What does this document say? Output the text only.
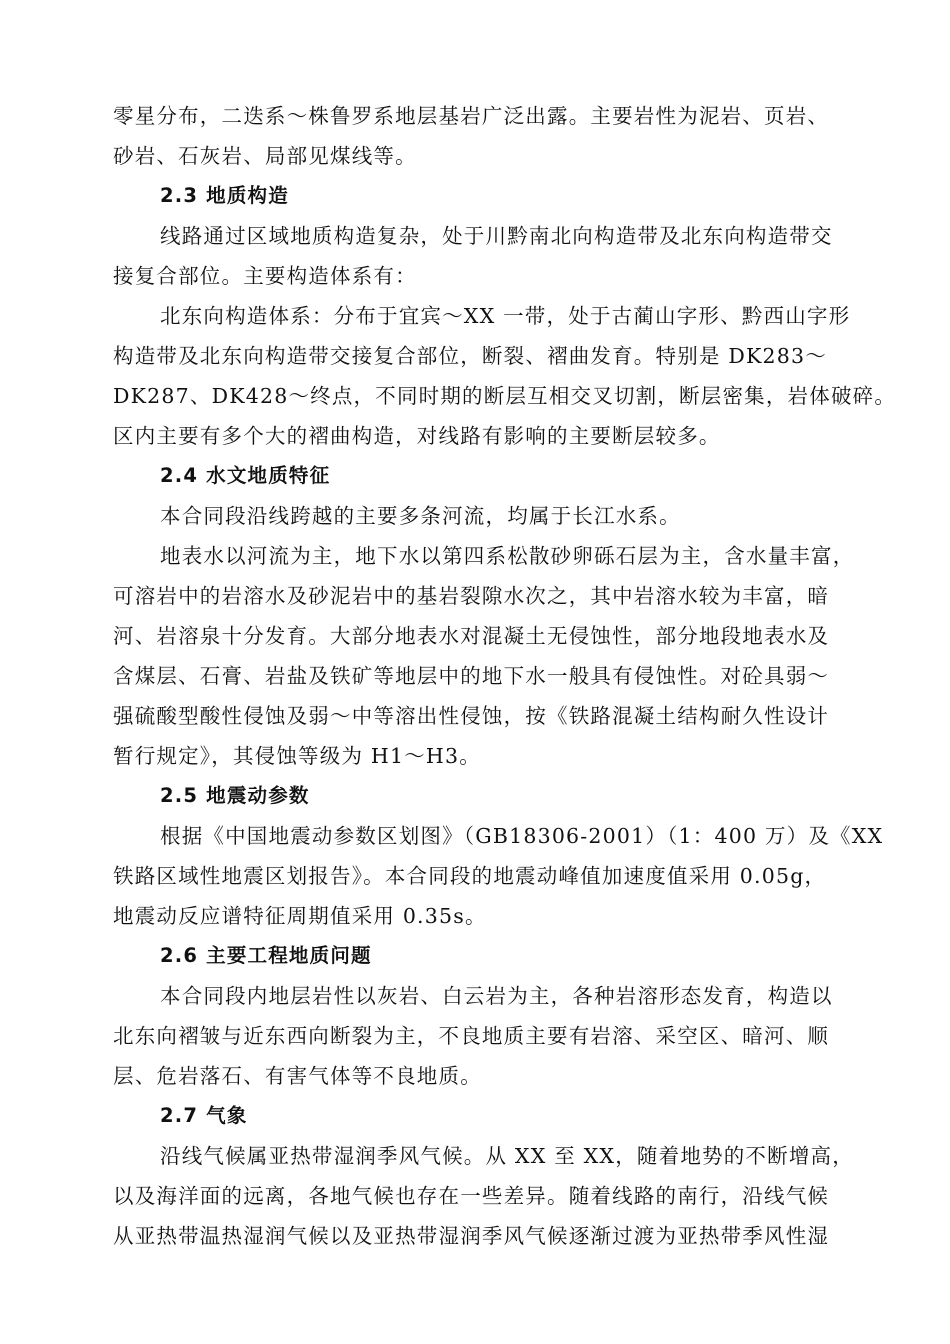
零星分布，二迭系～株鲁罗系地层基岩广泛出露。主要岩性为泥岩、页岩、
砂岩、石灰岩、局部见煤线等。
2.3 地质构造
线路通过区域地质构造复杂，处于川黔南北向构造带及北东向构造带交
接复合部位。主要构造体系有：
北东向构造体系：分布于宜宾～XX 一带，处于古蔺山字形、黔西山字形
构造带及北东向构造带交接复合部位，断裂、褶曲发育。特别是 DK283～
DK287、DK428～终点，不同时期的断层互相交叉切割，断层密集，岩体破碎。
区内主要有多个大的褶曲构造，对线路有影响的主要断层较多。
2.4 水文地质特征
本合同段沿线跨越的主要多条河流，均属于长江水系。
地表水以河流为主，地下水以第四系松散砂卵砾石层为主，含水量丰富，
可溶岩中的岩溶水及砂泥岩中的基岩裂隙水次之，其中岩溶水较为丰富，暗
河、岩溶泉十分发育。大部分地表水对混凝土无侵蚀性，部分地段地表水及
含煤层、石膏、岩盐及铁矿等地层中的地下水一般具有侵蚀性。对砼具弱～
强硫酸型酸性侵蚀及弱～中等溶出性侵蚀，按《铁路混凝土结构耐久性设计
暂行规定》，其侵蚀等级为 H1～H3。
2.5 地震动参数
根据《中国地震动参数区划图》（GB18306-2001）（1：400 万）及《XX
铁路区域性地震区划报告》。本合同段的地震动峰值加速度值采用 0.05g，
地震动反应谱特征周期值采用 0.35s。
2.6 主要工程地质问题
本合同段内地层岩性以灰岩、白云岩为主，各种岩溶形态发育，构造以
北东向褶皱与近东西向断裂为主，不良地质主要有岩溶、采空区、暗河、顺
层、危岩落石、有害气体等不良地质。
2.7 气象
沿线气候属亚热带湿润季风气候。从 XX 至 XX，随着地势的不断增高，
以及海洋面的远离，各地气候也存在一些差异。随着线路的南行，沿线气候
从亚热带温热湿润气候以及亚热带湿润季风气候逐渐过渡为亚热带季风性湿
